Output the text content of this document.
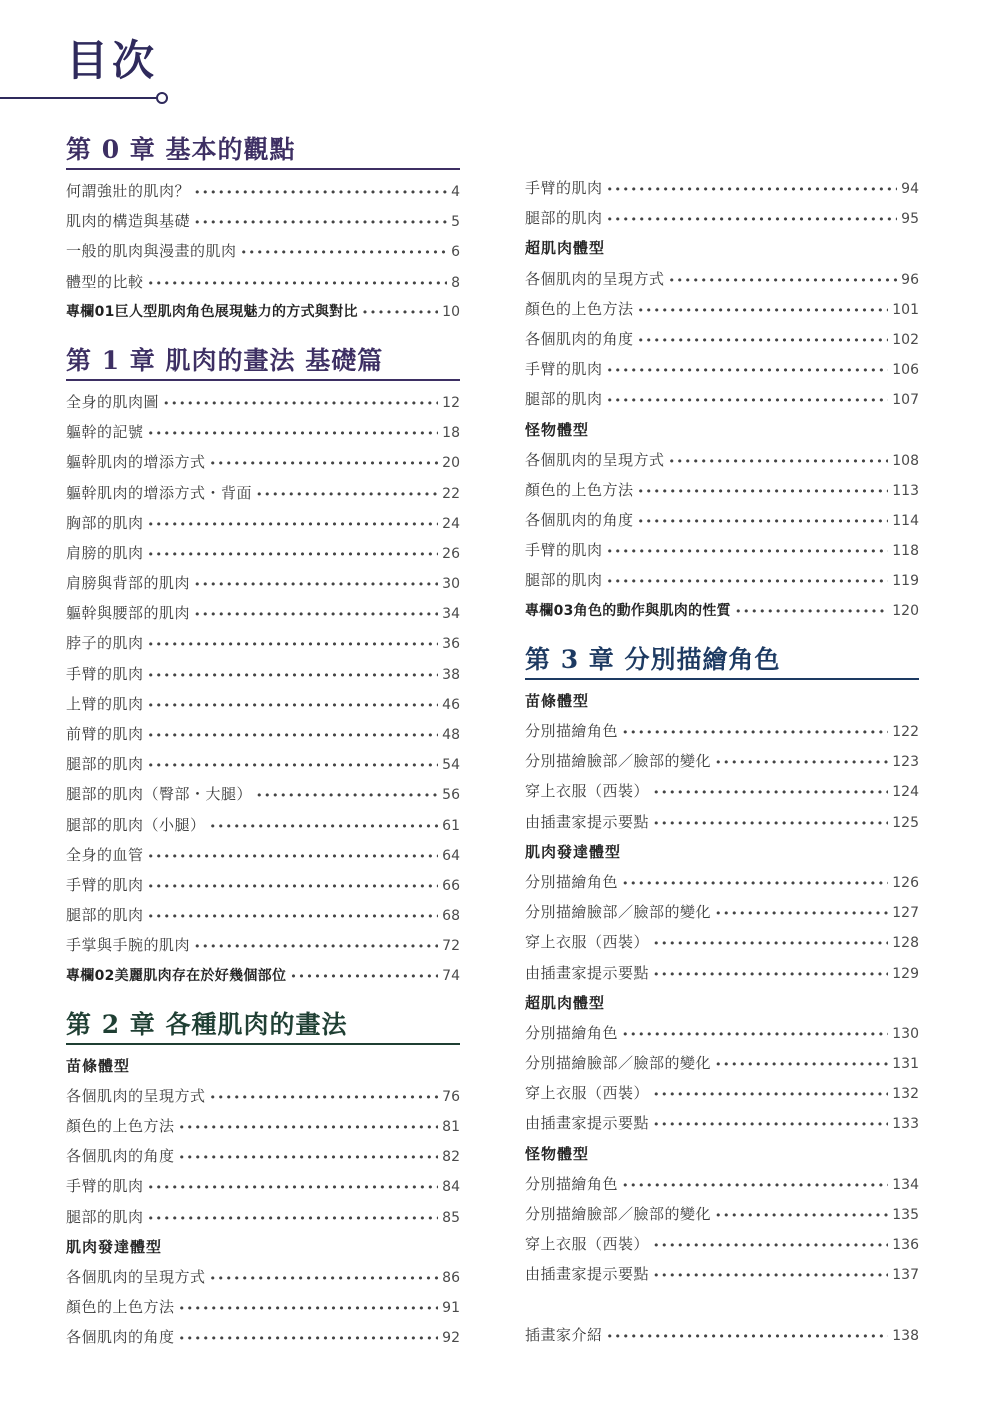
目次
第 0 章 基本的觀點
何謂強壯的肌肉？ •••••	4
肌肉的構造與基礎 •••••	5
一般的肌肉與漫畫的肌肉 •••••	6
體型的比較 •••••	8
專欄01巨人型肌肉角色展現魅力的方式與對比 •••••	10
第 1 章 肌肉的畫法 基礎篇
全身的肌肉圖 •••••	12
軀幹的記號 •••••	18
軀幹肌肉的增添方式 •••••	20
軀幹肌肉的增添方式・背面 •••••	22
胸部的肌肉 •••••	24
肩膀的肌肉 •••••	26
肩膀與背部的肌肉 •••••	30
軀幹與腰部的肌肉 •••••	34
脖子的肌肉 •••••	36
手臂的肌肉 •••••	38
上臂的肌肉 •••••	46
前臂的肌肉 •••••	48
腿部的肌肉 •••••	54
腿部的肌肉（臀部・大腿） •••••	56
腿部的肌肉（小腿） •••••	61
全身的血管 •••••	64
手臂的肌肉 •••••	66
腿部的肌肉 •••••	68
手掌與手腕的肌肉 •••••	72
專欄02美麗肌肉存在於好幾個部位 •••••	74
第 2 章 各種肌肉的畫法
苗條體型
各個肌肉的呈現方式 •••••	76
顏色的上色方法 •••••	81
各個肌肉的角度 •••••	82
手臂的肌肉 •••••	84
腿部的肌肉 •••••	85
肌肉發達體型
各個肌肉的呈現方式 •••••	86
顏色的上色方法 •••••	91
各個肌肉的角度 •••••	92
手臂的肌肉 •••••	94
腿部的肌肉 •••••	95
超肌肉體型
各個肌肉的呈現方式 •••••	96
顏色的上色方法 •••••	101
各個肌肉的角度 •••••	102
手臂的肌肉 •••••	106
腿部的肌肉 •••••	107
怪物體型
各個肌肉的呈現方式 •••••	108
顏色的上色方法 •••••	113
各個肌肉的角度 •••••	114
手臂的肌肉 •••••	118
腿部的肌肉 •••••	119
專欄03角色的動作與肌肉的性質 •••••	120
第 3 章 分別描繪角色
苗條體型
分別描繪角色 •••••	122
分別描繪臉部／臉部的變化 •••••	123
穿上衣服（西裝） •••••	124
由插畫家提示要點 •••••	125
肌肉發達體型
分別描繪角色 •••••	126
分別描繪臉部／臉部的變化 •••••	127
穿上衣服（西裝） •••••	128
由插畫家提示要點 •••••	129
超肌肉體型
分別描繪角色 •••••	130
分別描繪臉部／臉部的變化 •••••	131
穿上衣服（西裝） •••••	132
由插畫家提示要點 •••••	133
怪物體型
分別描繪角色 •••••	134
分別描繪臉部／臉部的變化 •••••	135
穿上衣服（西裝） •••••	136
由插畫家提示要點 •••••	137
插畫家介紹 •••••	138
